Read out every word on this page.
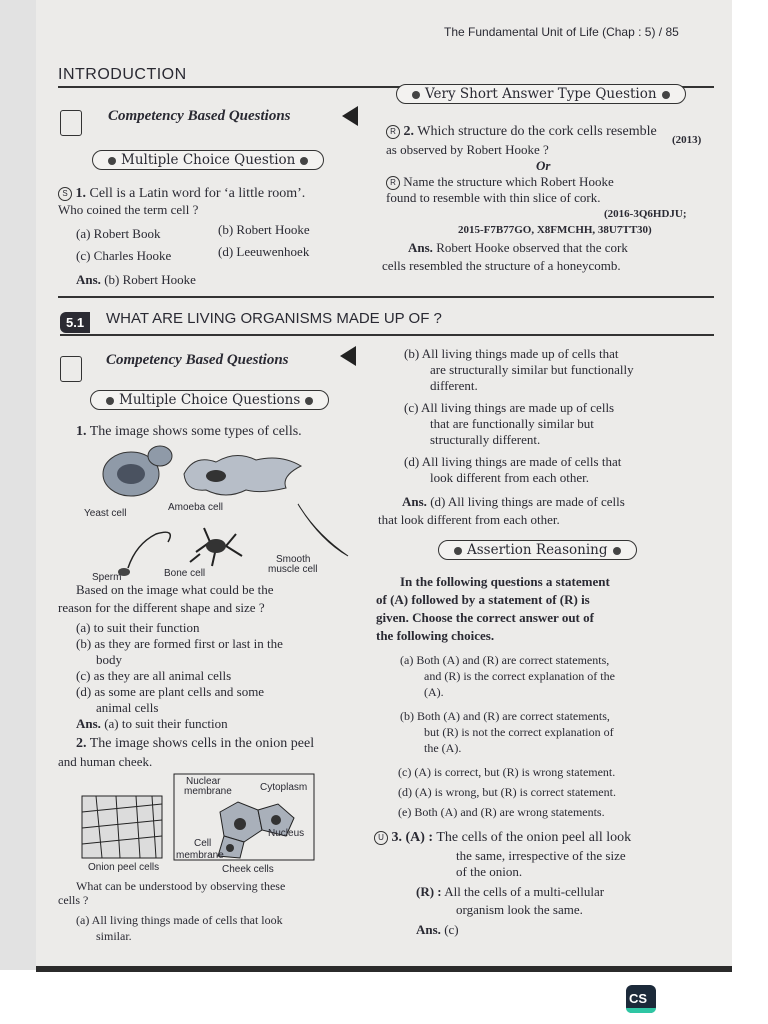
The Fundamental Unit of Life (Chap : 5) / 85
INTRODUCTION
Competency Based Questions
Multiple Choice Question
S 1. Cell is a Latin word for ‘a little room’.
Who coined the term cell ?
(a) Robert Book	(b) Robert Hooke
(c) Charles Hooke	(d) Leeuwenhoek
Ans. (b) Robert Hooke
Very Short Answer Type Question
R 2. Which structure do the cork cells resemble
as observed by Robert Hooke ?
(2013)
Or
R Name the structure which Robert Hooke
found to resemble with thin slice of cork.
(2016-3Q6HDJU;
2015-F7B77GO, X8FMCHH, 38U7TT30)
Ans. Robert Hooke observed that the cork
cells resembled the structure of a honeycomb.
5.1	WHAT ARE LIVING ORGANISMS MADE UP OF ?
Competency Based Questions
Multiple Choice Questions
1. The image shows some types of cells.
Yeast cell
Amoeba cell
Sperm	Bone cell
Smooth
muscle cell
Based on the image what could be the
reason for the different shape and size ?
(a) to suit their function
(b) as they are formed first or last in the
body
(c) as they are all animal cells
(d) as some are plant cells and some
animal cells
Ans. (a) to suit their function
2. The image shows cells in the onion peel
and human cheek.
Nuclear
membrane	Cytoplasm
Cell
membrane
Nucleus
Onion peel cells	Cheek cells
What can be understood by observing these
cells ?
(a) All living things made of cells that look
similar.
(b) All living things made up of cells that
are structurally similar but functionally
different.
(c) All living things are made up of cells
that are functionally similar but
structurally different.
(d) All living things are made of cells that
look different from each other.
Ans. (d) All living things are made of cells
that look different from each other.
Assertion Reasoning
In the following questions a statement
of (A) followed by a statement of (R) is
given. Choose the correct answer out of
the following choices.
(a) Both (A) and (R) are correct statements,
and (R) is the correct explanation of the
(A).
(b) Both (A) and (R) are correct statements,
but (R) is not the correct explanation of
the (A).
(c) (A) is correct, but (R) is wrong statement.
(d) (A) is wrong, but (R) is correct statement.
(e) Both (A) and (R) are wrong statements.
U 3. (A) : The cells of the onion peel all look
the same, irrespective of the size
of the onion.
(R) : All the cells of a multi-cellular
organism look the same.
Ans. (c)
CS
